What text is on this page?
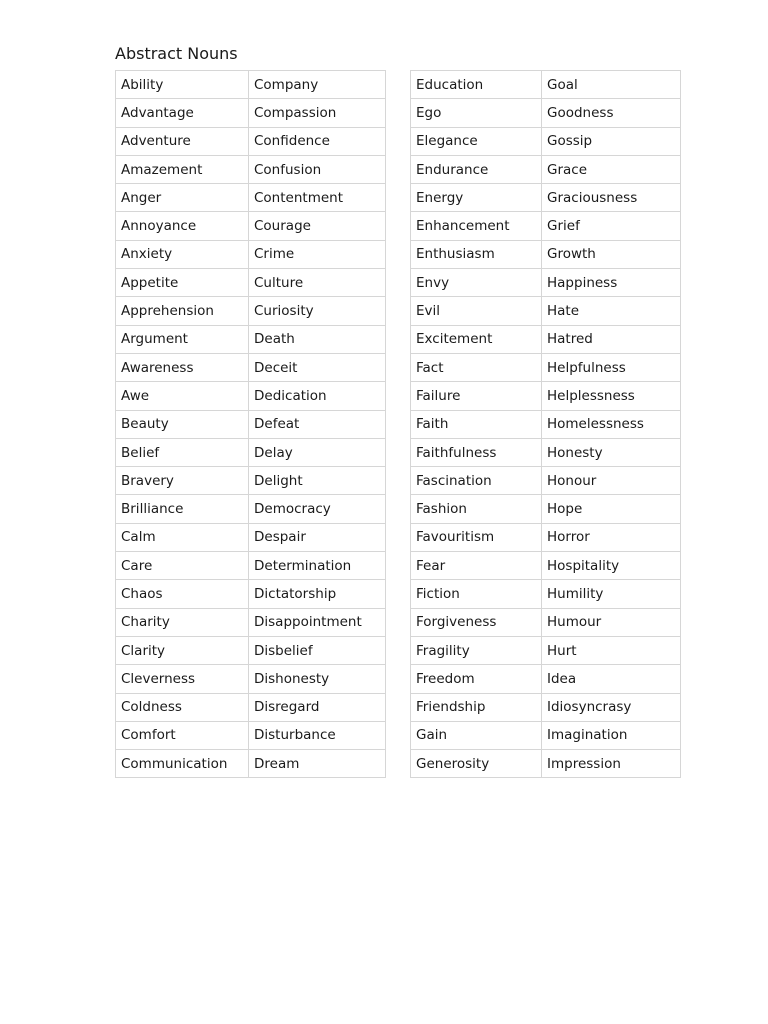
Abstract Nouns
Ability	Company
Advantage	Compassion
Adventure	Confidence
Amazement	Confusion
Anger	Contentment
Annoyance	Courage
Anxiety	Crime
Appetite	Culture
Apprehension	Curiosity
Argument	Death
Awareness	Deceit
Awe	Dedication
Beauty	Defeat
Belief	Delay
Bravery	Delight
Brilliance	Democracy
Calm	Despair
Care	Determination
Chaos	Dictatorship
Charity	Disappointment
Clarity	Disbelief
Cleverness	Dishonesty
Coldness	Disregard
Comfort	Disturbance
Communication	Dream
Education	Goal
Ego	Goodness
Elegance	Gossip
Endurance	Grace
Energy	Graciousness
Enhancement	Grief
Enthusiasm	Growth
Envy	Happiness
Evil	Hate
Excitement	Hatred
Fact	Helpfulness
Failure	Helplessness
Faith	Homelessness
Faithfulness	Honesty
Fascination	Honour
Fashion	Hope
Favouritism	Horror
Fear	Hospitality
Fiction	Humility
Forgiveness	Humour
Fragility	Hurt
Freedom	Idea
Friendship	Idiosyncrasy
Gain	Imagination
Generosity	Impression
